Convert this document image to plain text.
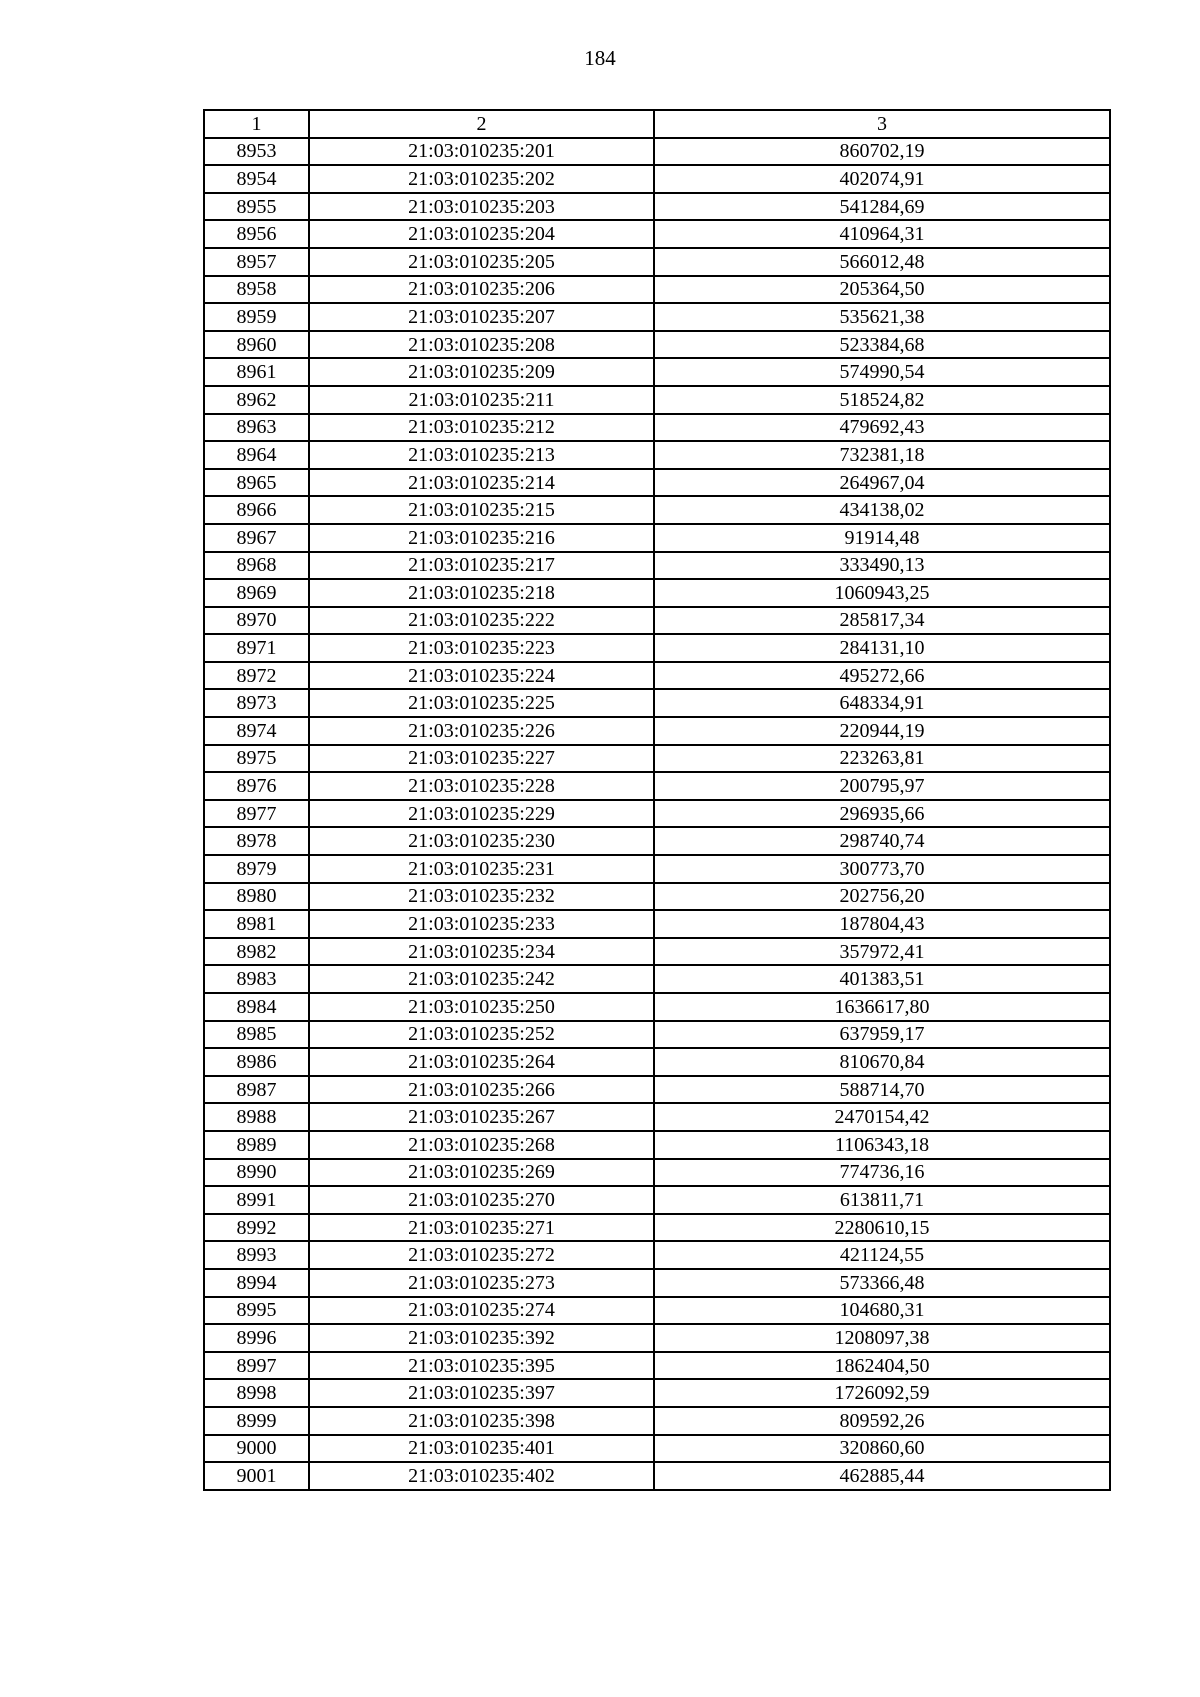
184
1	2	3
8953	21:03:010235:201	860702,19
8954	21:03:010235:202	402074,91
8955	21:03:010235:203	541284,69
8956	21:03:010235:204	410964,31
8957	21:03:010235:205	566012,48
8958	21:03:010235:206	205364,50
8959	21:03:010235:207	535621,38
8960	21:03:010235:208	523384,68
8961	21:03:010235:209	574990,54
8962	21:03:010235:211	518524,82
8963	21:03:010235:212	479692,43
8964	21:03:010235:213	732381,18
8965	21:03:010235:214	264967,04
8966	21:03:010235:215	434138,02
8967	21:03:010235:216	91914,48
8968	21:03:010235:217	333490,13
8969	21:03:010235:218	1060943,25
8970	21:03:010235:222	285817,34
8971	21:03:010235:223	284131,10
8972	21:03:010235:224	495272,66
8973	21:03:010235:225	648334,91
8974	21:03:010235:226	220944,19
8975	21:03:010235:227	223263,81
8976	21:03:010235:228	200795,97
8977	21:03:010235:229	296935,66
8978	21:03:010235:230	298740,74
8979	21:03:010235:231	300773,70
8980	21:03:010235:232	202756,20
8981	21:03:010235:233	187804,43
8982	21:03:010235:234	357972,41
8983	21:03:010235:242	401383,51
8984	21:03:010235:250	1636617,80
8985	21:03:010235:252	637959,17
8986	21:03:010235:264	810670,84
8987	21:03:010235:266	588714,70
8988	21:03:010235:267	2470154,42
8989	21:03:010235:268	1106343,18
8990	21:03:010235:269	774736,16
8991	21:03:010235:270	613811,71
8992	21:03:010235:271	2280610,15
8993	21:03:010235:272	421124,55
8994	21:03:010235:273	573366,48
8995	21:03:010235:274	104680,31
8996	21:03:010235:392	1208097,38
8997	21:03:010235:395	1862404,50
8998	21:03:010235:397	1726092,59
8999	21:03:010235:398	809592,26
9000	21:03:010235:401	320860,60
9001	21:03:010235:402	462885,44
